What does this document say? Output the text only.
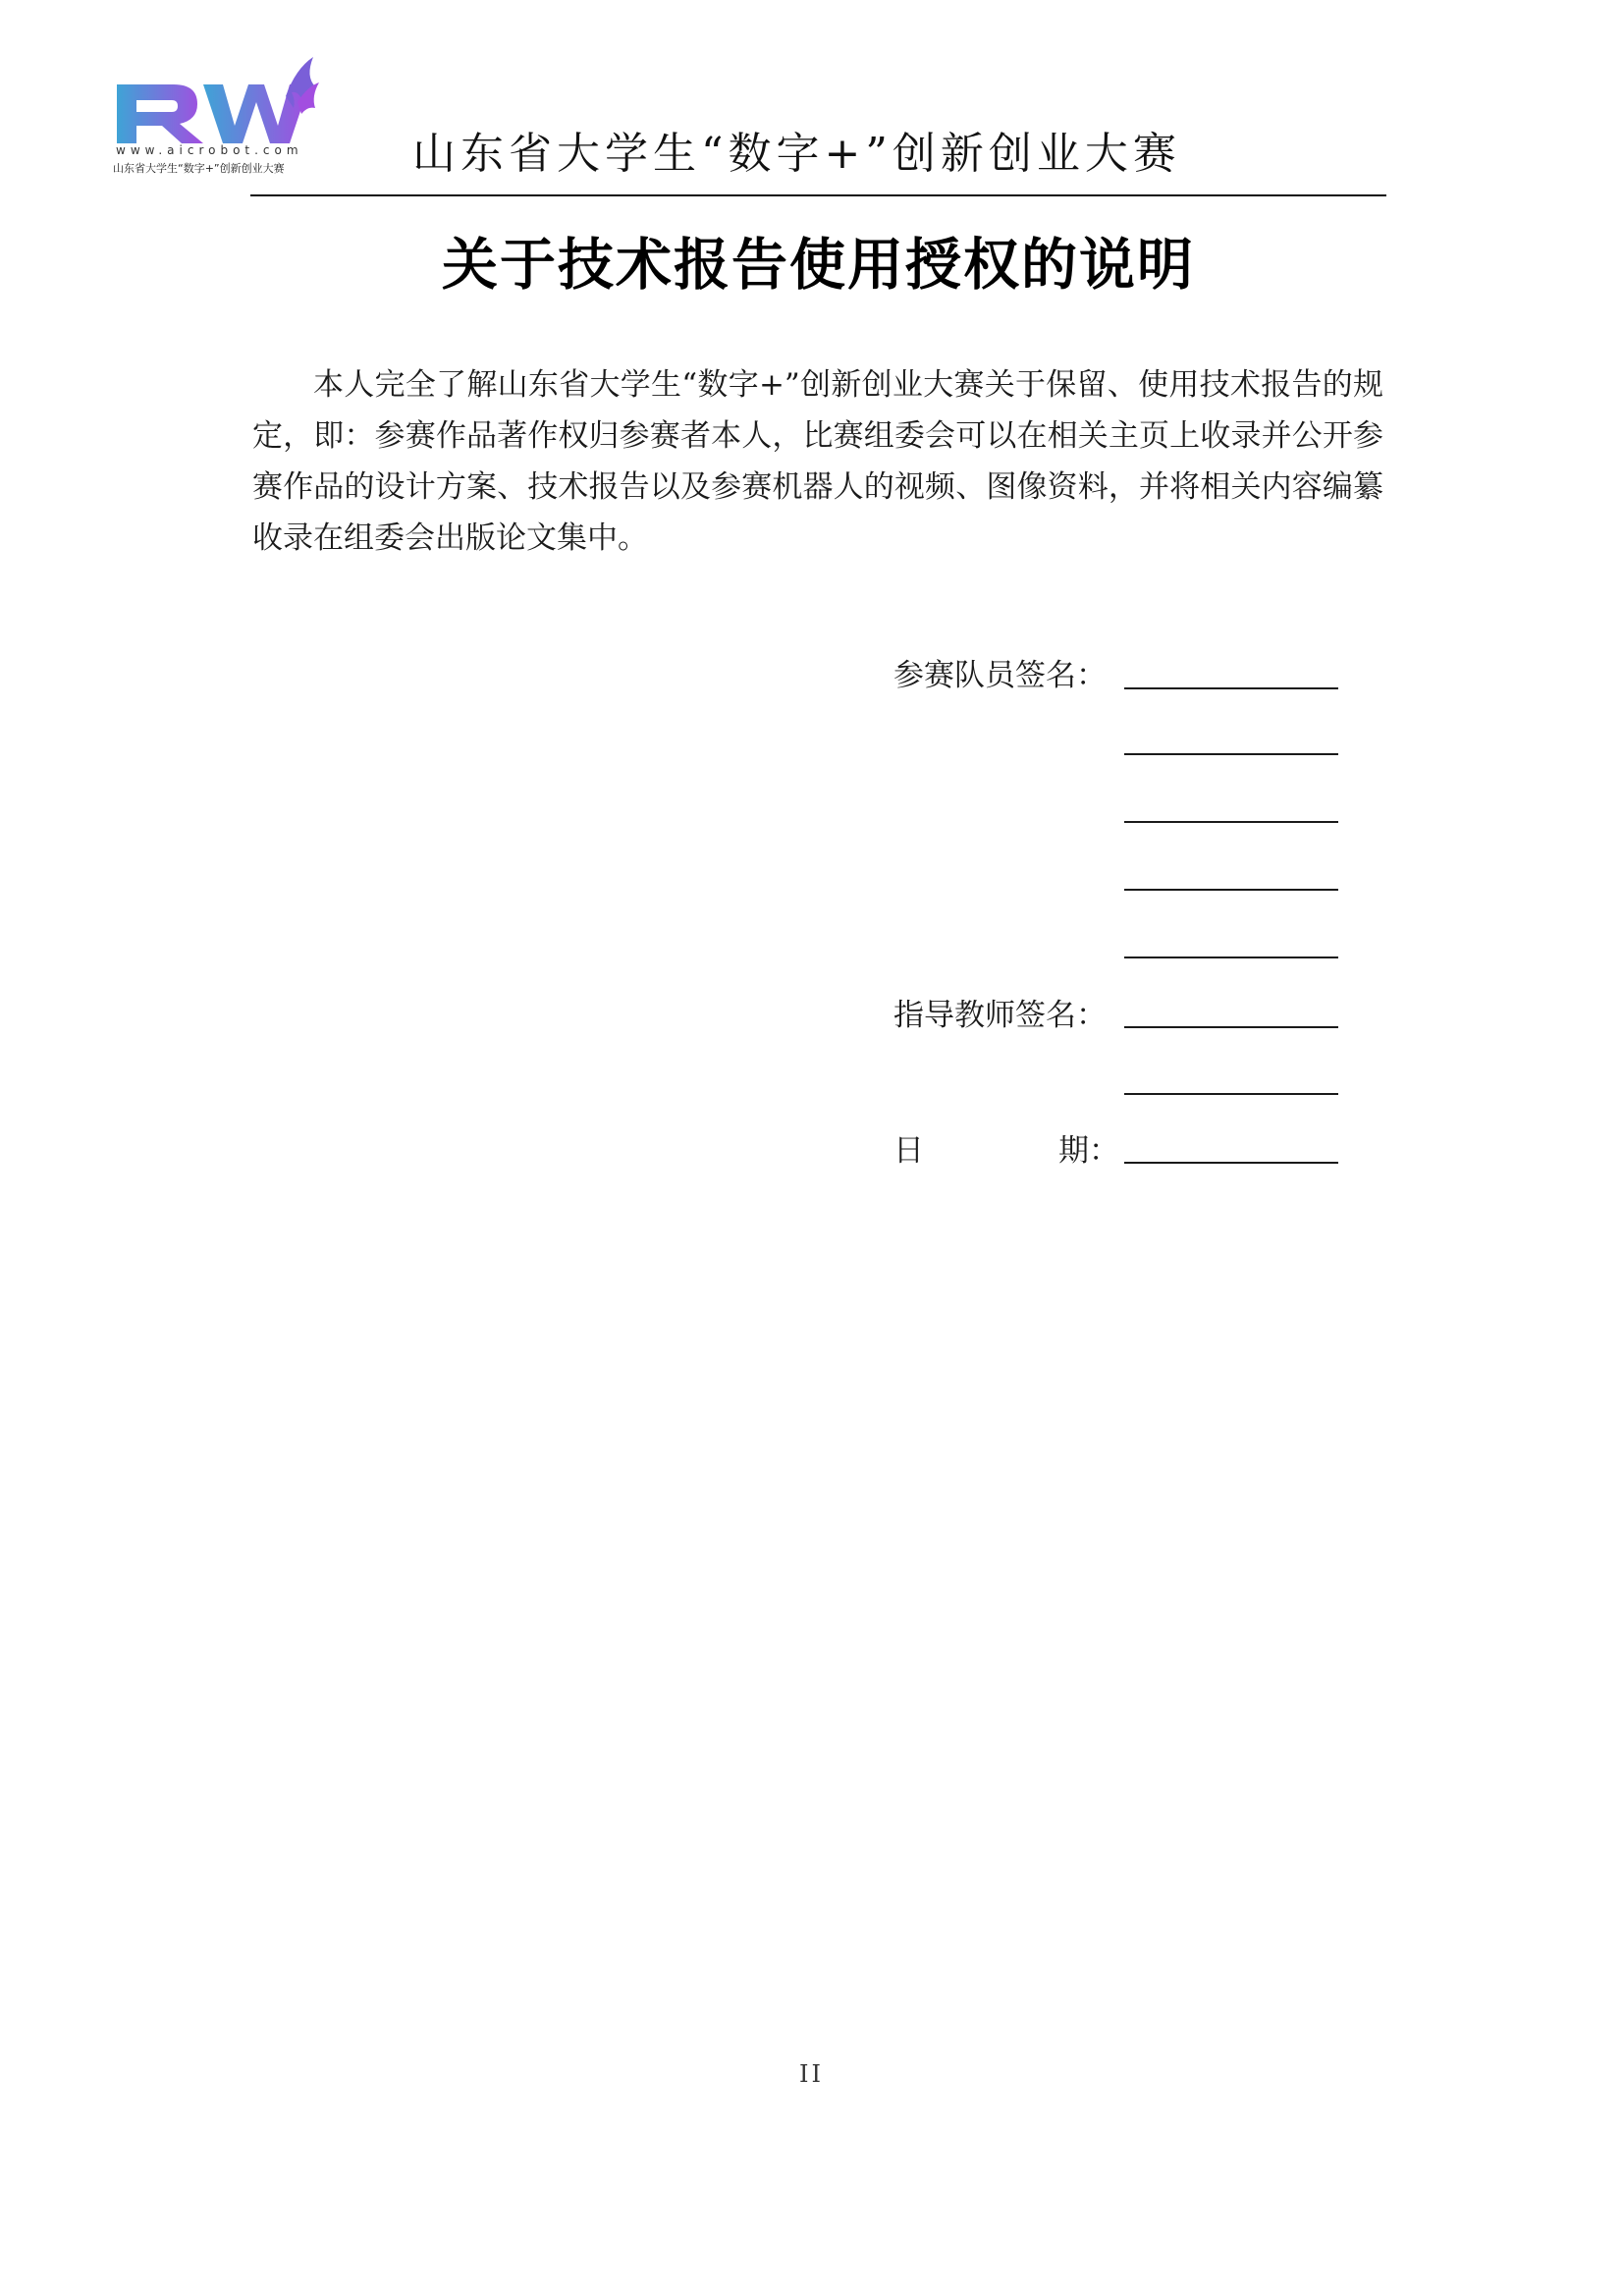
www.aicrobot.com
山东省大学生“数字+”创新创业大赛	山东省大学生“数字+”创新创业大赛
关于技术报告使用授权的说明
本人完全了解山东省大学生“数字+”创新创业大赛关于保留、使用技术报告的规定，即：参赛作品著作权归参赛者本人，比赛组委会可以在相关主页上收录并公开参赛作品的设计方案、技术报告以及参赛机器人的视频、图像资料，并将相关内容编纂收录在组委会出版论文集中。
参赛队员签名：
指导教师签名：
日	期：
II
